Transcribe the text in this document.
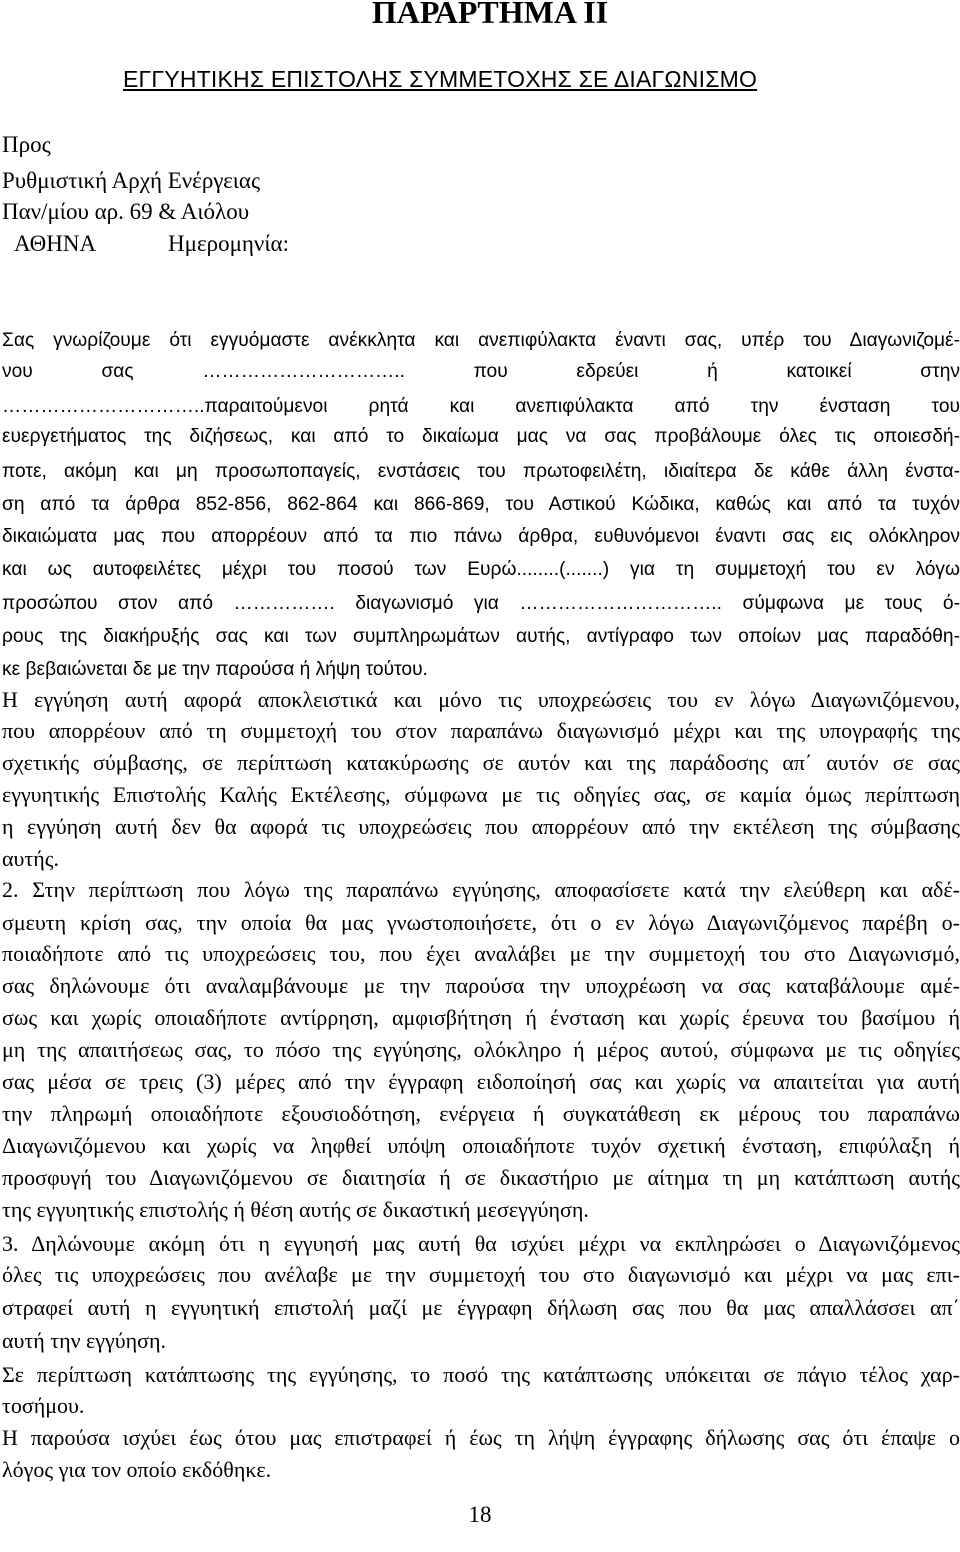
ΠΑΡΑΡΤΗΜΑ ΙΙ
ΕΓΓΥΗΤΙΚΗΣ ΕΠΙΣΤΟΛΗΣ ΣΥΜΜΕΤΟΧΗΣ ΣΕ ΔΙΑΓΩΝΙΣΜΟ
Προς
Ρυθμιστική Αρχή Ενέργειας
Παν/μίου αρ. 69 & Αιόλου
ΑΘΗΝΑ	Ημερομηνία:
Σας γνωρίζουμε ότι εγγυόμαστε ανέκκλητα και ανεπιφύλακτα έναντι σας, υπέρ του Διαγωνιζομέ-
νου σας ………………………….. που εδρεύει ή κατοικεί στην
…………………………..παραιτούμενοι ρητά και ανεπιφύλακτα από την ένσταση του
ευεργετήματος της διζήσεως, και από το δικαίωμα μας να σας προβάλουμε όλες τις οποιεσδή-
ποτε, ακόμη και μη προσωποπαγείς, ενστάσεις του πρωτοφειλέτη, ιδιαίτερα δε κάθε άλλη ένστα-
ση από τα άρθρα 852-856, 862-864 και 866-869, του Αστικού Κώδικα, καθώς και από τα τυχόν
δικαιώματα μας που απορρέουν από τα πιο πάνω άρθρα, ευθυνόμενοι έναντι σας εις ολόκληρον
και ως αυτοφειλέτες μέχρι του ποσού των Ευρώ........(.......) για τη συμμετοχή του εν λόγω
προσώπου στον από ……………. διαγωνισμό για ………………………….. σύμφωνα με τους ό-
ρους της διακήρυξής σας και των συμπληρωμάτων αυτής, αντίγραφο των οποίων μας παραδόθη-
κε βεβαιώνεται δε με την παρούσα ή λήψη τούτου.
Η εγγύηση αυτή αφορά αποκλειστικά και μόνο τις υποχρεώσεις του εν λόγω Διαγωνιζόμενου,
που απορρέουν από τη συμμετοχή του στον παραπάνω διαγωνισμό μέχρι και της υπογραφής της
σχετικής σύμβασης, σε περίπτωση κατακύρωσης σε αυτόν και της παράδοσης απ΄ αυτόν σε σας
εγγυητικής Επιστολής Καλής Εκτέλεσης, σύμφωνα με τις οδηγίες σας, σε καμία όμως περίπτωση
η εγγύηση αυτή δεν θα αφορά τις υποχρεώσεις που απορρέουν από την εκτέλεση της σύμβασης
αυτής.
2. Στην περίπτωση που λόγω της παραπάνω εγγύησης, αποφασίσετε κατά την ελεύθερη και αδέ-
σμευτη κρίση σας, την οποία θα μας γνωστοποιήσετε, ότι ο εν λόγω Διαγωνιζόμενος παρέβη ο-
ποιαδήποτε από τις υποχρεώσεις του, που έχει αναλάβει με την συμμετοχή του στο Διαγωνισμό,
σας δηλώνουμε ότι αναλαμβάνουμε με την παρούσα την υποχρέωση να σας καταβάλουμε αμέ-
σως και χωρίς οποιαδήποτε αντίρρηση, αμφισβήτηση ή ένσταση και χωρίς έρευνα του βασίμου ή
μη της απαιτήσεως σας, το πόσο της εγγύησης, ολόκληρο ή μέρος αυτού, σύμφωνα με τις οδηγίες
σας μέσα σε τρεις (3) μέρες από την έγγραφη ειδοποίησή σας και χωρίς να απαιτείται για αυτή
την πληρωμή οποιαδήποτε εξουσιοδότηση, ενέργεια ή συγκατάθεση εκ μέρους του παραπάνω
Διαγωνιζόμενου και χωρίς να ληφθεί υπόψη οποιαδήποτε τυχόν σχετική ένσταση, επιφύλαξη ή
προσφυγή του Διαγωνιζόμενου σε διαιτησία ή σε δικαστήριο με αίτημα τη μη κατάπτωση αυτής
της εγγυητικής επιστολής ή θέση αυτής σε δικαστική μεσεγγύηση.
3. Δηλώνουμε ακόμη ότι η εγγυησή μας αυτή θα ισχύει μέχρι να εκπληρώσει ο Διαγωνιζόμενος
όλες τις υποχρεώσεις που ανέλαβε με την συμμετοχή του στο διαγωνισμό και μέχρι να μας επι-
στραφεί αυτή η εγγυητική επιστολή μαζί με έγγραφη δήλωση σας που θα μας απαλλάσσει απ΄
αυτή την εγγύηση.
Σε περίπτωση κατάπτωσης της εγγύησης, το ποσό της κατάπτωσης υπόκειται σε πάγιο τέλος χαρ-
τοσήμου.
Η παρούσα ισχύει έως ότου μας επιστραφεί ή έως τη λήψη έγγραφης δήλωσης σας ότι έπαψε ο
λόγος για τον οποίο εκδόθηκε.
18
